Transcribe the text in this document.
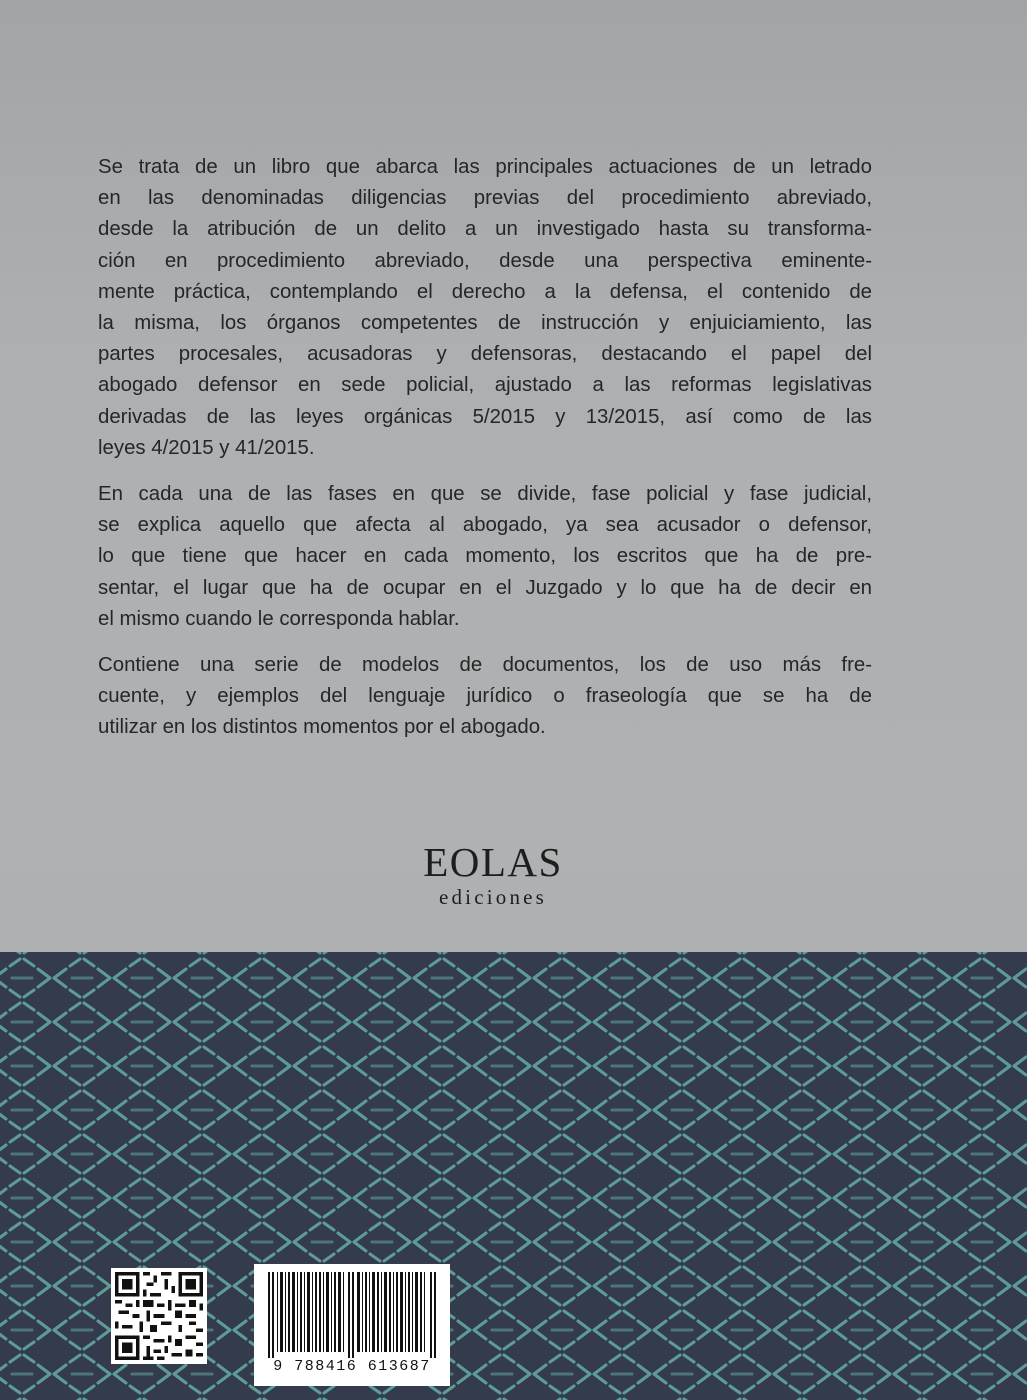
Se trata de un libro que abarca las principales actuaciones de un letrado
en las denominadas diligencias previas del procedimiento abreviado,
desde la atribución de un delito a un investigado hasta su transforma-
ción en procedimiento abreviado, desde una perspectiva eminente-
mente práctica, contemplando el derecho a la defensa, el contenido de
la misma, los órganos competentes de instrucción y enjuiciamiento, las
partes procesales, acusadoras y defensoras, destacando el papel del
abogado defensor en sede policial, ajustado a las reformas legislativas
derivadas de las leyes orgánicas 5/2015 y 13/2015, así como de las
leyes 4/2015 y 41/2015.

En cada una de las fases en que se divide, fase policial y fase judicial,
se explica aquello que afecta al abogado, ya sea acusador o defensor,
lo que tiene que hacer en cada momento, los escritos que ha de pre-
sentar, el lugar que ha de ocupar en el Juzgado y lo que ha de decir en
el mismo cuando le corresponda hablar.

Contiene una serie de modelos de documentos, los de uso más fre-
cuente, y ejemplos del lenguaje jurídico o fraseología que se ha de
utilizar en los distintos momentos por el abogado.

EOLAS
ediciones
9 788416 613687
